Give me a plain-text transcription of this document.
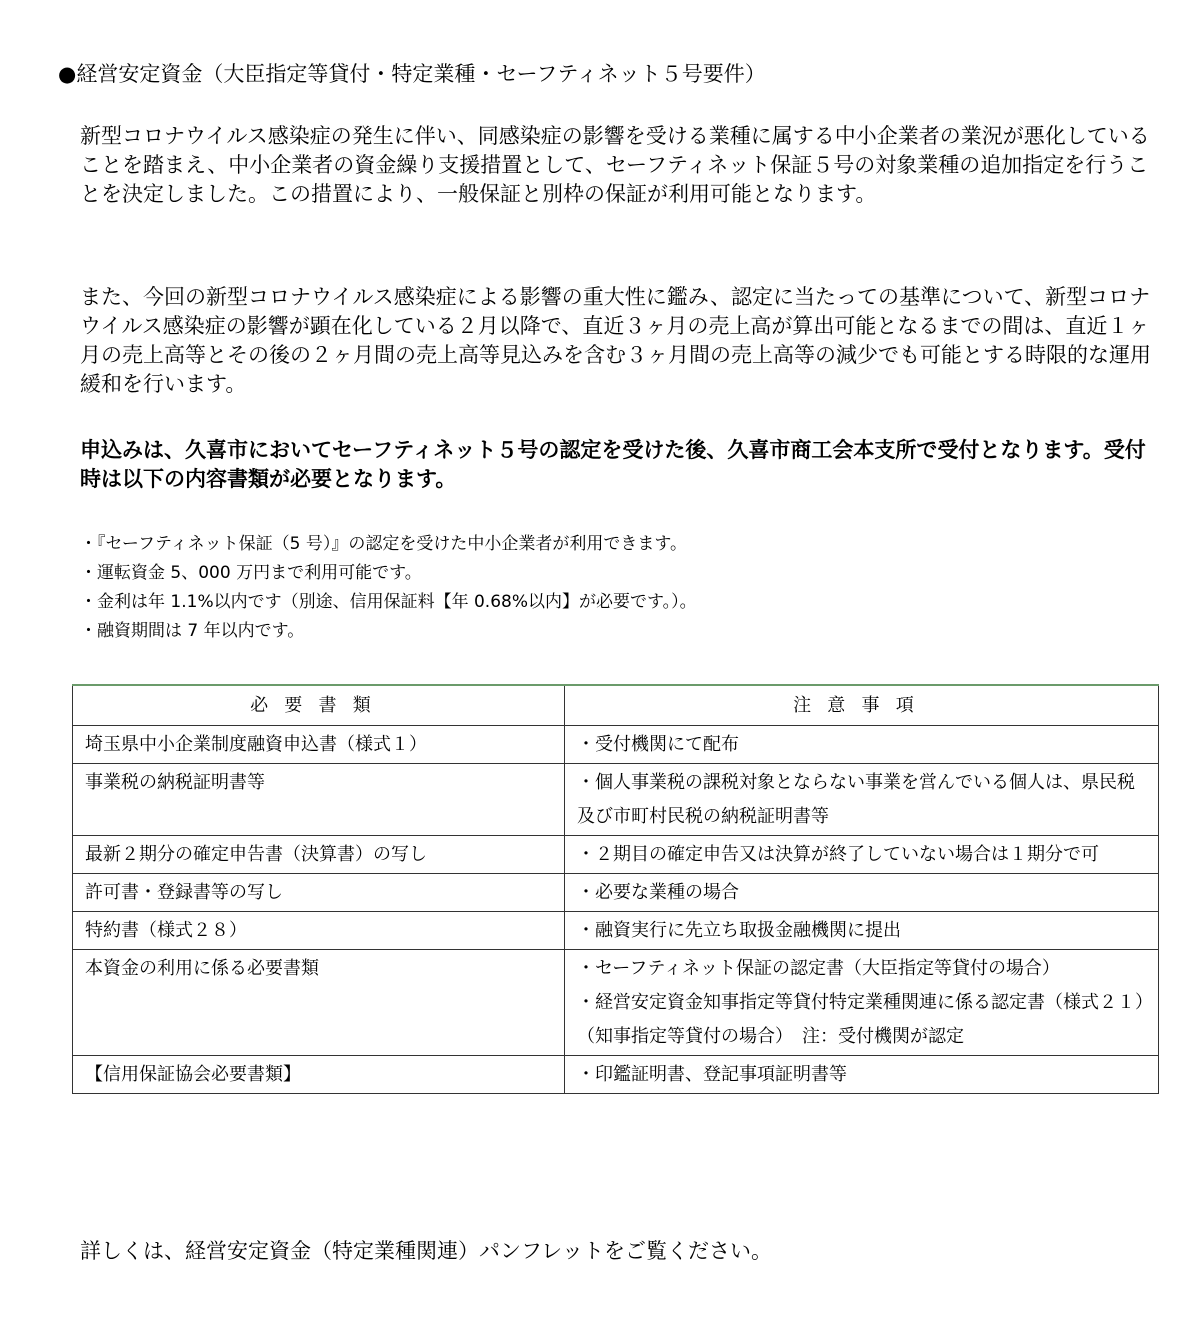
●経営安定資金（大臣指定等貸付・特定業種・セーフティネット５号要件）

新型コロナウイルス感染症の発生に伴い、同感染症の影響を受ける業種に属する中小企業者の業況が悪化していることを踏まえ、中小企業者の資金繰り支援措置として、セーフティネット保証５号の対象業種の追加指定を行うことを決定しました。この措置により、一般保証と別枠の保証が利用可能となります。

また、今回の新型コロナウイルス感染症による影響の重大性に鑑み、認定に当たっての基準について、新型コロナウイルス感染症の影響が顕在化している２月以降で、直近３ヶ月の売上高が算出可能となるまでの間は、直近１ヶ月の売上高等とその後の２ヶ月間の売上高等見込みを含む３ヶ月間の売上高等の減少でも可能とする時限的な運用緩和を行います。

申込みは、久喜市においてセーフティネット５号の認定を受けた後、久喜市商工会本支所で受付となります。受付時は以下の内容書類が必要となります。

・『セーフティネット保証（5 号）』の認定を受けた中小企業者が利用できます。
・運転資金 5、000 万円まで利用可能です。
・金利は年 1.1%以内です（別途、信用保証料【年 0.68%以内】が必要です。）。
・融資期間は 7 年以内です。
必要書類	注意事項
埼玉県中小企業制度融資申込書（様式１）	・受付機関にて配布

事業税の納税証明書等	・個人事業税の課税対象とならない事業を営んでいる個人は、県民税及び市町村民税の納税証明書等

最新２期分の確定申告書（決算書）の写し	・２期目の確定申告又は決算が終了していない場合は１期分で可

許可書・登録書等の写し	・必要な業種の場合

特約書（様式２８）	・融資実行に先立ち取扱金融機関に提出

本資金の利用に係る必要書類	・セーフティネット保証の認定書（大臣指定等貸付の場合）
・経営安定資金知事指定等貸付特定業種関連に係る認定書（様式２１）（知事指定等貸付の場合）　注：受付機関が認定

【信用保証協会必要書類】	・印鑑証明書、登記事項証明書等
詳しくは、経営安定資金（特定業種関連）パンフレットをご覧ください。
